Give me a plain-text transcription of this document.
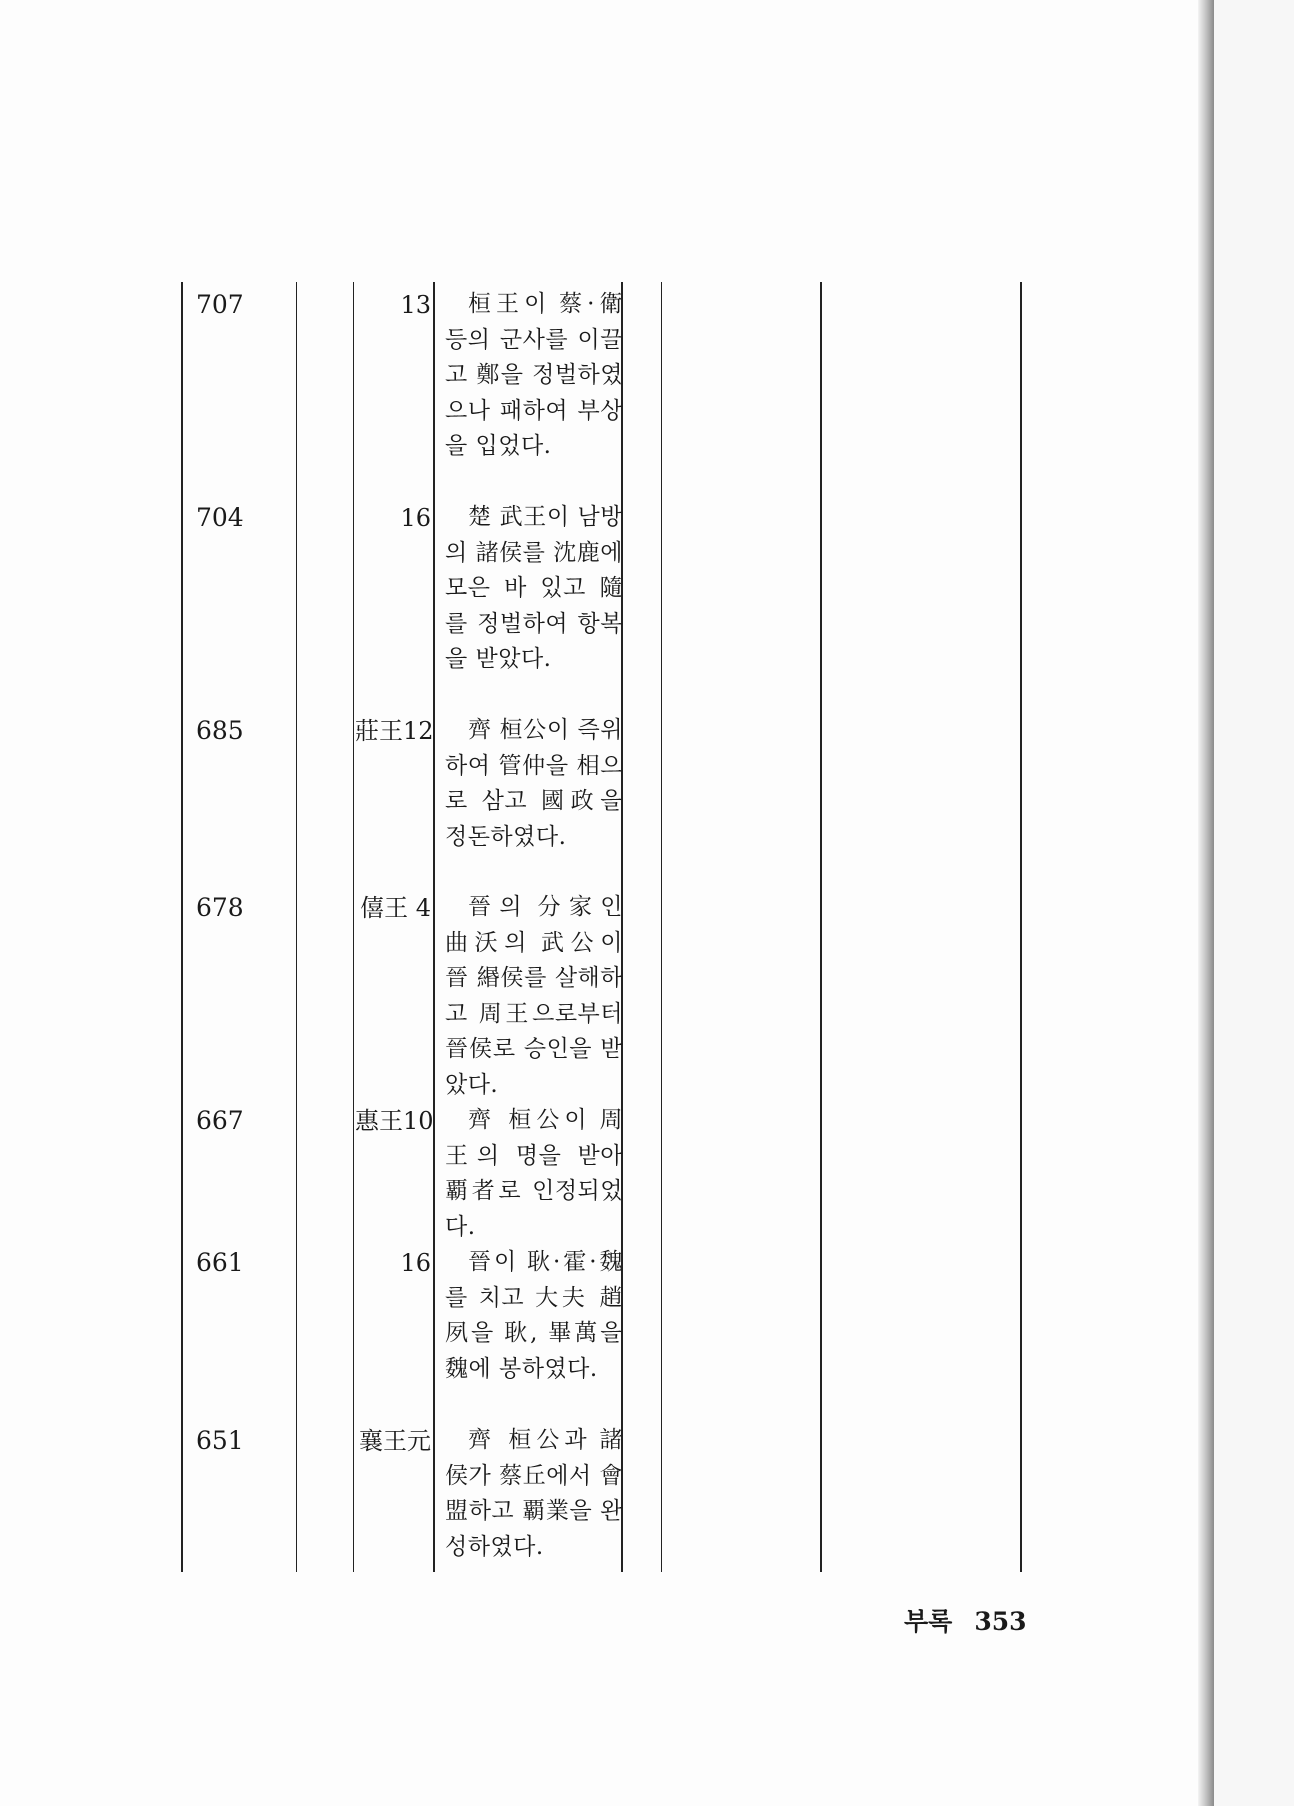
707	13	桓王이 蔡·衛등의 군사를 이끌고 鄭을 정벌하였으나 패하여 부상을 입었다.
704	16	楚 武王이 남방의 諸侯를 沈鹿에 모은 바 있고 隨를 정벌하여 항복을 받았다.
685	莊王12	齊 桓公이 즉위하여 管仲을 相으로 삼고 國政을 정돈하였다.
678	僖王 4	晉의 分家인 曲沃의 武公이 晉 緡侯를 살해하고 周王으로부터 晉侯로 승인을 받았다.
667	惠王10	齊 桓公이 周王의 명을 받아 覇者로 인정되었다.
661	16	晉이 耿·霍·魏를 치고 大夫 趙夙을 耿, 畢萬을 魏에 봉하였다.
651	襄王元	齊 桓公과 諸侯가 蔡丘에서 會盟하고 覇業을 완성하였다.
부록 353
